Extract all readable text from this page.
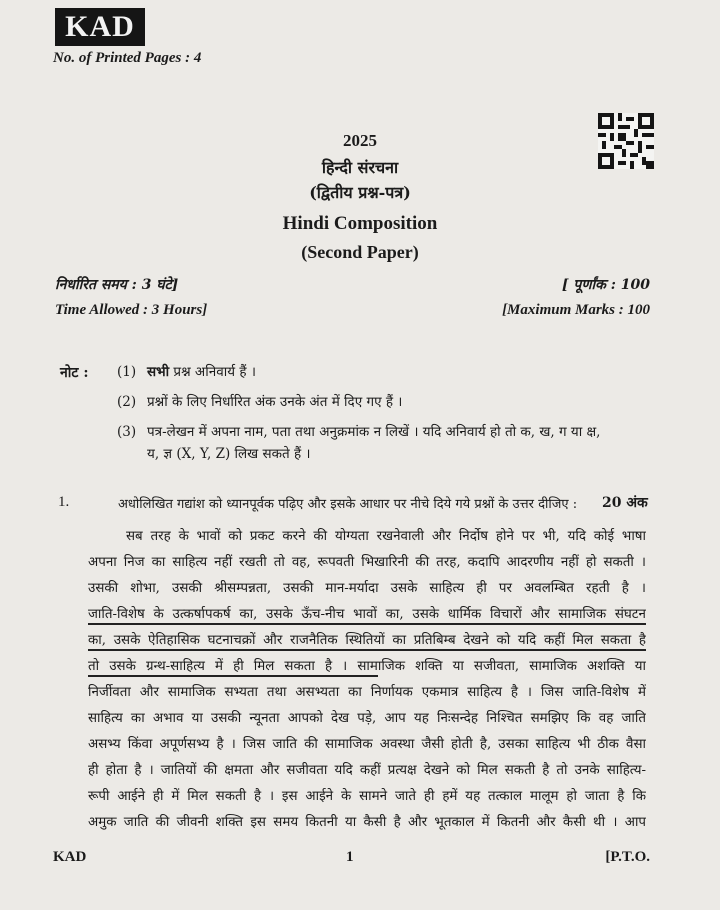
KAD
No. of Printed Pages : 4
2025
हिन्दी संरचना
(द्वितीय प्रश्न-पत्र)
Hindi Composition
(Second Paper)
निर्धारित समय : 3 घंटे]	[ पूर्णांक : 100
Time Allowed : 3 Hours]	[Maximum Marks : 100
नोट : (1) सभी प्रश्न अनिवार्य हैं ।
(2) प्रश्नों के लिए निर्धारित अंक उनके अंत में दिए गए हैं ।
(3) पत्र-लेखन में अपना नाम, पता तथा अनुक्रमांक न लिखें । यदि अनिवार्य हो तो क, ख, ग या क्ष,
य, ज्ञ (X, Y, Z) लिख सकते हैं ।
1.	अधोलिखित गद्यांश को ध्यानपूर्वक पढ़िए और इसके आधार पर नीचे दिये गये प्रश्नों के उत्तर दीजिए : 20 अंक
सब तरह के भावों को प्रकट करने की योग्यता रखनेवाली और निर्दोष होने पर भी, यदि कोई भाषा
अपना निज का साहित्य नहीं रखती तो वह, रूपवती भिखारिनी की तरह, कदापि आदरणीय नहीं हो सकती ।
उसकी शोभा, उसकी श्रीसम्पन्नता, उसकी मान-मर्यादा उसके साहित्य ही पर अवलम्बित रहती है ।
जाति-विशेष के उत्कर्षापकर्ष का, उसके ऊँच-नीच भावों का, उसके धार्मिक विचारों और सामाजिक संघटन
का, उसके ऐतिहासिक घटनाचक्रों और राजनैतिक स्थितियों का प्रतिबिम्ब देखने को यदि कहीं मिल सकता है
तो उसके ग्रन्थ-साहित्य में ही मिल सकता है । सामाजिक शक्ति या सजीवता, सामाजिक अशक्ति या
निर्जीवता और सामाजिक सभ्यता तथा असभ्यता का निर्णायक एकमात्र साहित्य है । जिस जाति-विशेष में
साहित्य का अभाव या उसकी न्यूनता आपको देख पड़े, आप यह निःसन्देह निश्चित समझिए कि वह जाति
असभ्य किंवा अपूर्णसभ्य है । जिस जाति की सामाजिक अवस्था जैसी होती है, उसका साहित्य भी ठीक वैसा
ही होता है । जातियों की क्षमता और सजीवता यदि कहीं प्रत्यक्ष देखने को मिल सकती है तो उनके साहित्य-
रूपी आईने ही में मिल सकती है । इस आईने के सामने जाते ही हमें यह तत्काल मालूम हो जाता है कि
अमुक जाति की जीवनी शक्ति इस समय कितनी या कैसी है और भूतकाल में कितनी और कैसी थी । आप
KAD	1	[P.T.O.
